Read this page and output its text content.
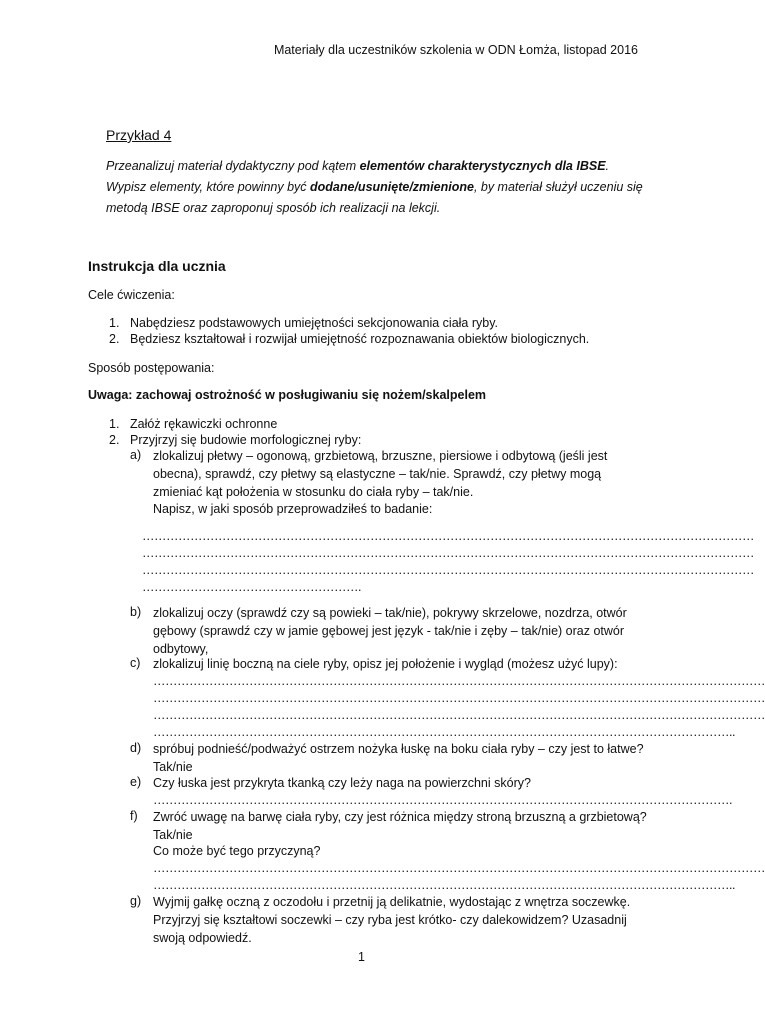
Materiały dla uczestników szkolenia w ODN Łomża, listopad 2016
Przykład 4
Przeanalizuj materiał dydaktyczny pod kątem elementów charakterystycznych dla IBSE.
Wypisz elementy, które powinny być dodane/usunięte/zmienione, by materiał służył uczeniu się
metodą IBSE oraz zaproponuj sposób ich realizacji na lekcji.
Instrukcja dla ucznia
Cele ćwiczenia:
1. Nabędziesz podstawowych umiejętności sekcjonowania ciała ryby.
2. Będziesz kształtował i rozwijał umiejętność rozpoznawania obiektów biologicznych.
Sposób postępowania:
Uwaga: zachowaj ostrożność w posługiwaniu się nożem/skalpelem
1. Załóż rękawiczki ochronne
2. Przyjrzyj się budowie morfologicznej ryby:
a) zlokalizuj płetwy – ogonową, grzbietową, brzuszne, piersiowe i odbytową (jeśli jest obecna), sprawdź, czy płetwy są elastyczne – tak/nie. Sprawdź, czy płetwy mogą zmieniać kąt położenia w stosunku do ciała ryby – tak/nie.
Napisz, w jaki sposób przeprowadziłeś to badanie:
………………………………………………………………………………………………………………………………………
………………………………………………………………………………………………………………………………………
………………………………………………………………………………………………………………………………………
……………………………………………….
b) zlokalizuj oczy (sprawdź czy są powieki – tak/nie), pokrywy skrzelowe, nozdrza, otwór gębowy (sprawdź czy w jamie gębowej jest język - tak/nie i zęby – tak/nie) oraz otwór odbytowy,
c) zlokalizuj linię boczną na ciele ryby, opisz jej położenie i wygląd (możesz użyć lupy):
………………………………………………………………………………………………………………………………………
………………………………………………………………………………………………………………………………………
………………………………………………………………………………………………………………………………………
………………………………………………………………………………………………………………………………..
d) spróbuj podnieść/podważyć ostrzem nożyka łuskę na boku ciała ryby – czy jest to łatwe? Tak/nie
e) Czy łuska jest przykryta tkanką czy leży naga na powierzchni skóry?
……………………………………………………………………………………………………………………………….
f) Zwróć uwagę na barwę ciała ryby, czy jest różnica między stroną brzuszną a grzbietową? Tak/nie
Co może być tego przyczyną?
………………………………………………………………………………………………………………………………………
………………………………………………………………………………………………………………………………..
g) Wyjmij gałkę oczną z oczodołu i przetnij ją delikatnie, wydostając z wnętrza soczewkę. Przyjrzyj się kształtowi soczewki – czy ryba jest krótko- czy dalekowidzem? Uzasadnij swoją odpowiedź.
1
